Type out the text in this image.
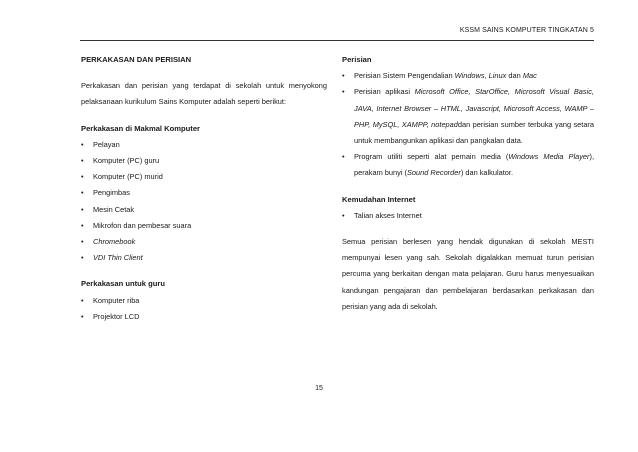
KSSM SAINS KOMPUTER TINGKATAN 5
PERKAKASAN DAN PERISIAN

Perkakasan dan perisian yang terdapat di sekolah untuk menyokong pelaksanaan kurikulum Sains Komputer adalah seperti berikut:

Perkakasan di Makmal Komputer
• Pelayan
• Komputer (PC) guru
• Komputer (PC) murid
• Pengimbas
• Mesin Cetak
• Mikrofon dan pembesar suara
• Chromebook
• VDI Thin Client
Perkakasan untuk guru
• Komputer riba
• Projektor LCD
Perisian
• Perisian Sistem Pengendalian Windows, Linux dan Mac
• Perisian aplikasi Microsoft Office, StarOffice, Microsoft Visual Basic, JAVA, Internet Browser – HTML, Javascript, Microsoft Access, WAMP – PHP, MySQL, XAMPP, notepaddan perisian sumber terbuka yang setara untuk membangunkan aplikasi dan pangkalan data.
• Program utiliti seperti alat pemain media (Windows Media Player), perakam bunyi (Sound Recorder) dan kalkulator.
Kemudahan Internet
• Talian akses Internet

Semua perisian berlesen yang hendak digunakan di sekolah MESTI mempunyai lesen yang sah. Sekolah digalakkan memuat turun perisian percuma yang berkaitan dengan mata pelajaran. Guru harus menyesuaikan kandungan pengajaran dan pembelajaran berdasarkan perkakasan dan perisian yang ada di sekolah.

15
